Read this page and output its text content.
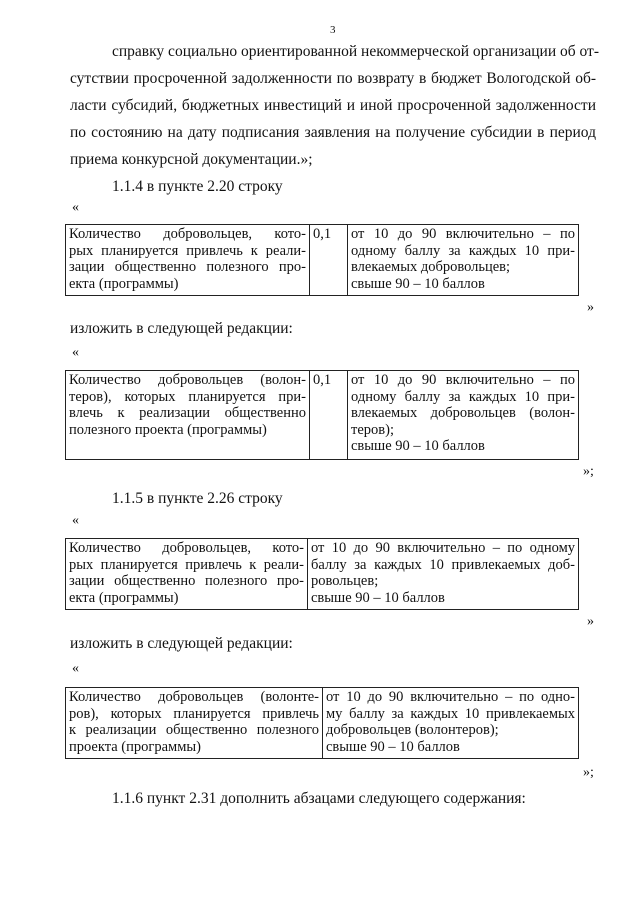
3
справку социально ориентированной некоммерческой организации об от-
сутствии просроченной задолженности по возврату в бюджет Вологодской об-
ласти субсидий, бюджетных инвестиций и иной просроченной задолженности
по состоянию на дату подписания заявления на получение субсидии в период
приема конкурсной документации.»;
1.1.4 в пункте 2.20 строку
«
Количество добровольцев, кото-
рых планируется привлечь к реали-
зации общественно полезного про-
екта (программы)
0,1	от 10 до 90 включительно – по
одному баллу за каждых 10 при-
влекаемых добровольцев;
свыше 90 – 10 баллов
»
изложить в следующей редакции:
«
Количество добровольцев (волон-
теров), которых планируется при-
влечь к реализации общественно
полезного проекта (программы)
0,1	от 10 до 90 включительно – по
одному баллу за каждых 10 при-
влекаемых добровольцев (волон-
теров);
свыше 90 – 10 баллов
»;
1.1.5 в пункте 2.26 строку
«
Количество добровольцев, кото-
рых планируется привлечь к реали-
зации общественно полезного про-
екта (программы)
от 10 до 90 включительно – по одному
баллу за каждых 10 привлекаемых доб-
ровольцев;
свыше 90 – 10 баллов
»
изложить в следующей редакции:
«
Количество добровольцев (волонте-
ров), которых планируется привлечь
к реализации общественно полезного
проекта (программы)
от 10 до 90 включительно – по одно-
му баллу за каждых 10 привлекаемых
добровольцев (волонтеров);
свыше 90 – 10 баллов
»;
1.1.6 пункт 2.31 дополнить абзацами следующего содержания:
